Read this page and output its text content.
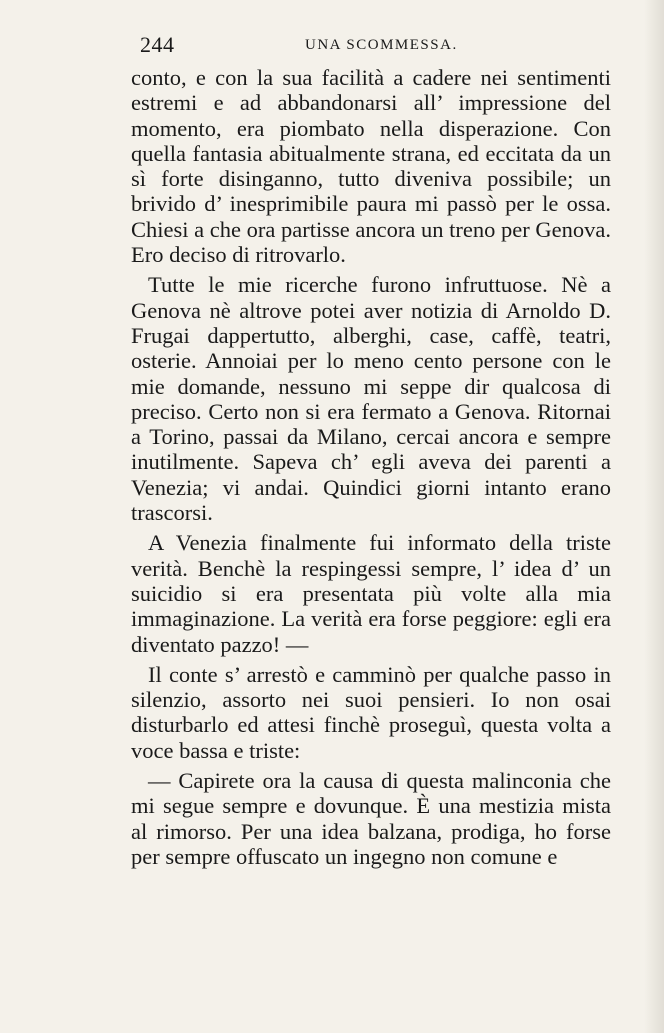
244	UNA SCOMMESSA.

conto, e con la sua facilità a cadere nei sentimenti estremi e ad abbandonarsi all’ impressione del momento, era piombato nella disperazione. Con quella fantasia abitualmente strana, ed eccitata da un sì forte disinganno, tutto diveniva possibile; un brivido d’ inesprimibile paura mi passò per le ossa. Chiesi a che ora partisse ancora un treno per Genova. Ero deciso di ritrovarlo.

Tutte le mie ricerche furono infruttuose. Nè a Genova nè altrove potei aver notizia di Arnoldo D. Frugai dappertutto, alberghi, case, caffè, teatri, osterie. Annoiai per lo meno cento persone con le mie domande, nessuno mi seppe dir qualcosa di preciso. Certo non si era fermato a Genova. Ritornai a Torino, passai da Milano, cercai ancora e sempre inutilmente. Sapeva ch’ egli aveva dei parenti a Venezia; vi andai. Quindici giorni intanto erano trascorsi.

A Venezia finalmente fui informato della triste verità. Benchè la respingessi sempre, l’ idea d’ un suicidio si era presentata più volte alla mia immaginazione. La verità era forse peggiore: egli era diventato pazzo! —

Il conte s’ arrestò e camminò per qualche passo in silenzio, assorto nei suoi pensieri. Io non osai disturbarlo ed attesi finchè proseguì, questa volta a voce bassa e triste:

— Capirete ora la causa di questa malinconia che mi segue sempre e dovunque. È una mestizia mista al rimorso. Per una idea balzana, prodiga, ho forse per sempre offuscato un ingegno non comune e
